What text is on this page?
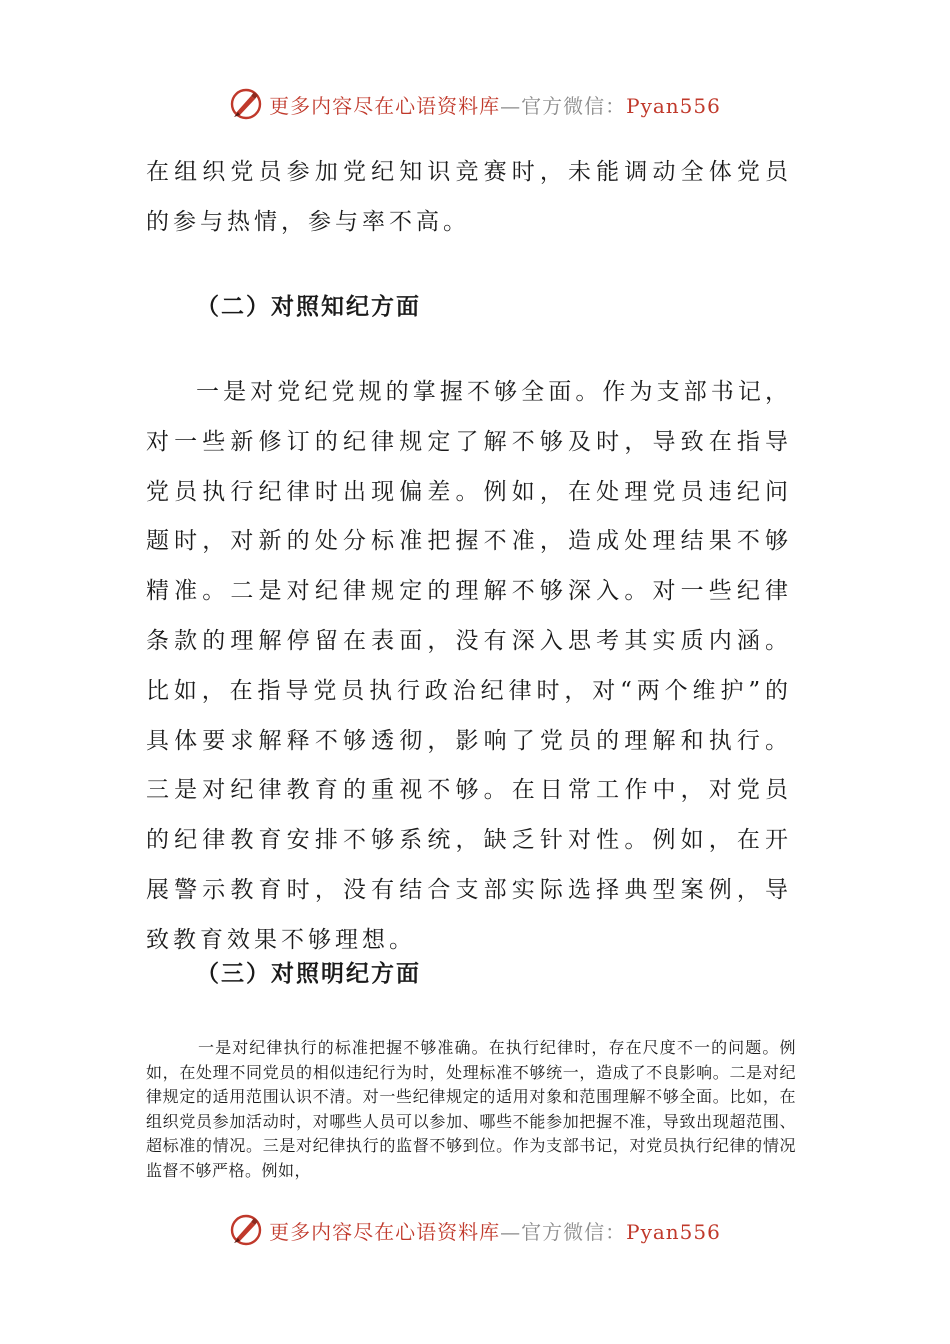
更多内容尽在心语资料库—官方微信：Pyan556

在组织党员参加党纪知识竞赛时，未能调动全体党员的参与热情，参与率不高。

（二）对照知纪方面

一是对党纪党规的掌握不够全面。作为支部书记，对一些新修订的纪律规定了解不够及时，导致在指导党员执行纪律时出现偏差。例如，在处理党员违纪问题时，对新的处分标准把握不准，造成处理结果不够精准。二是对纪律规定的理解不够深入。对一些纪律条款的理解停留在表面，没有深入思考其实质内涵。比如，在指导党员执行政治纪律时，对“两个维护”的具体要求解释不够透彻，影响了党员的理解和执行。三是对纪律教育的重视不够。在日常工作中，对党员的纪律教育安排不够系统，缺乏针对性。例如，在开展警示教育时，没有结合支部实际选择典型案例，导致教育效果不够理想。

（三）对照明纪方面

一是对纪律执行的标准把握不够准确。在执行纪律时，存在尺度不一的问题。例如，在处理不同党员的相似违纪行为时，处理标准不够统一，造成了不良影响。二是对纪律规定的适用范围认识不清。对一些纪律规定的适用对象和范围理解不够全面。比如，在组织党员参加活动时，对哪些人员可以参加、哪些不能参加把握不准，导致出现超范围、超标准的情况。三是对纪律执行的监督不够到位。作为支部书记，对党员执行纪律的情况监督不够严格。例如，

更多内容尽在心语资料库—官方微信：Pyan556
